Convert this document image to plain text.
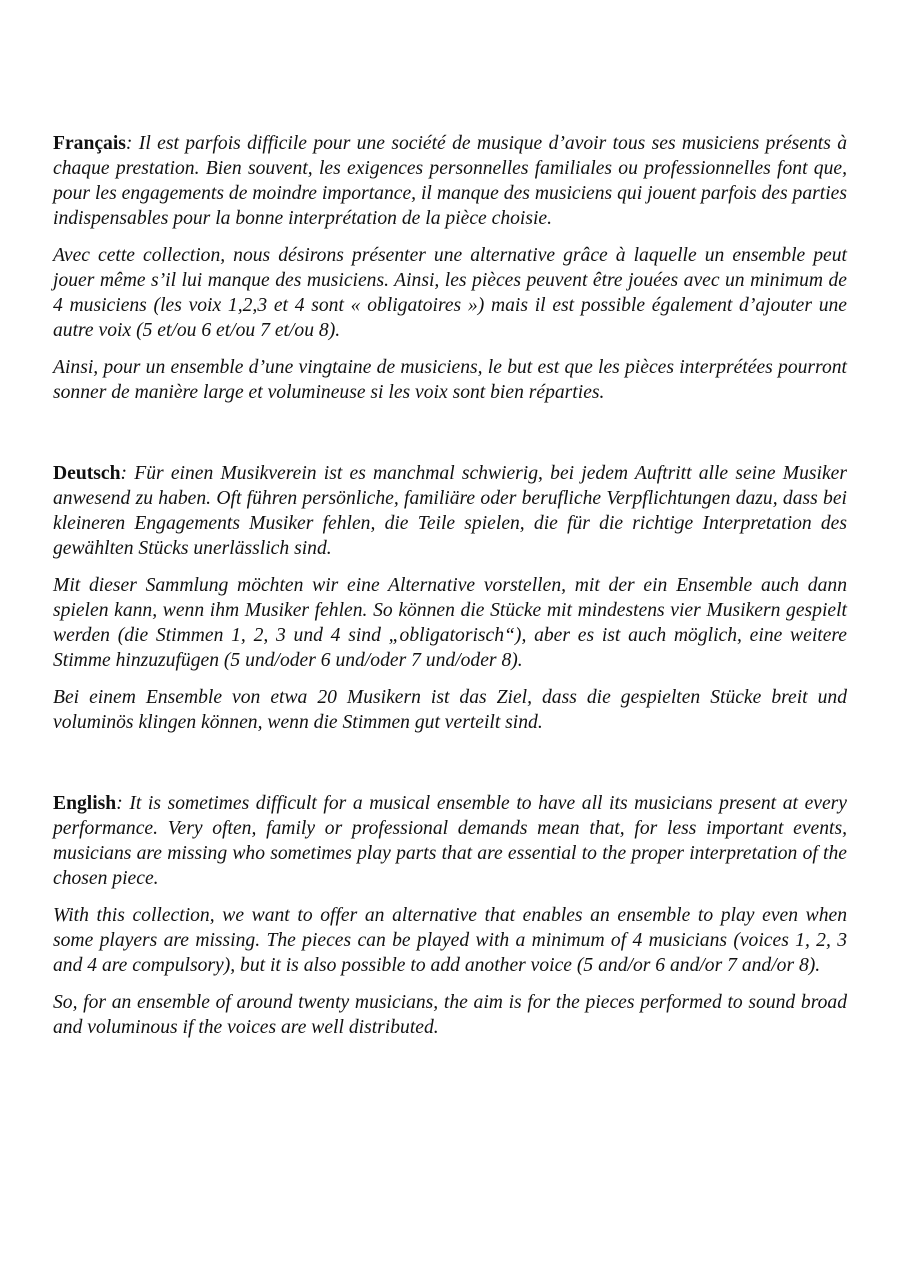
Français: Il est parfois difficile pour une société de musique d’avoir tous ses musiciens présents à chaque prestation. Bien souvent, les exigences personnelles familiales ou professionnelles font que, pour les engagements de moindre importance, il manque des musiciens qui jouent parfois des parties indispensables pour la bonne interprétation de la pièce choisie.

Avec cette collection, nous désirons présenter une alternative grâce à laquelle un ensemble peut jouer même s’il lui manque des musiciens. Ainsi, les pièces peuvent être jouées avec un minimum de 4 musiciens (les voix 1,2,3 et 4 sont « obligatoires ») mais il est possible également d’ajouter une autre voix (5 et/ou 6 et/ou 7 et/ou 8).

Ainsi, pour un ensemble d’une vingtaine de musiciens, le but est que les pièces interprétées pourront sonner de manière large et volumineuse si les voix sont bien réparties.

Deutsch: Für einen Musikverein ist es manchmal schwierig, bei jedem Auftritt alle seine Musiker anwesend zu haben. Oft führen persönliche, familiäre oder berufliche Verpflichtungen dazu, dass bei kleineren Engagements Musiker fehlen, die Teile spielen, die für die richtige Interpretation des gewählten Stücks unerlässlich sind.

Mit dieser Sammlung möchten wir eine Alternative vorstellen, mit der ein Ensemble auch dann spielen kann, wenn ihm Musiker fehlen. So können die Stücke mit mindestens vier Musikern gespielt werden (die Stimmen 1, 2, 3 und 4 sind „obligatorisch“), aber es ist auch möglich, eine weitere Stimme hinzuzufügen (5 und/oder 6 und/oder 7 und/oder 8).

Bei einem Ensemble von etwa 20 Musikern ist das Ziel, dass die gespielten Stücke breit und voluminös klingen können, wenn die Stimmen gut verteilt sind.

English: It is sometimes difficult for a musical ensemble to have all its musicians present at every performance. Very often, family or professional demands mean that, for less important events, musicians are missing who sometimes play parts that are essential to the proper interpretation of the chosen piece.

With this collection, we want to offer an alternative that enables an ensemble to play even when some players are missing. The pieces can be played with a minimum of 4 musicians (voices 1, 2, 3 and 4 are compulsory), but it is also possible to add another voice (5 and/or 6 and/or 7 and/or 8).

So, for an ensemble of around twenty musicians, the aim is for the pieces performed to sound broad and voluminous if the voices are well distributed.
